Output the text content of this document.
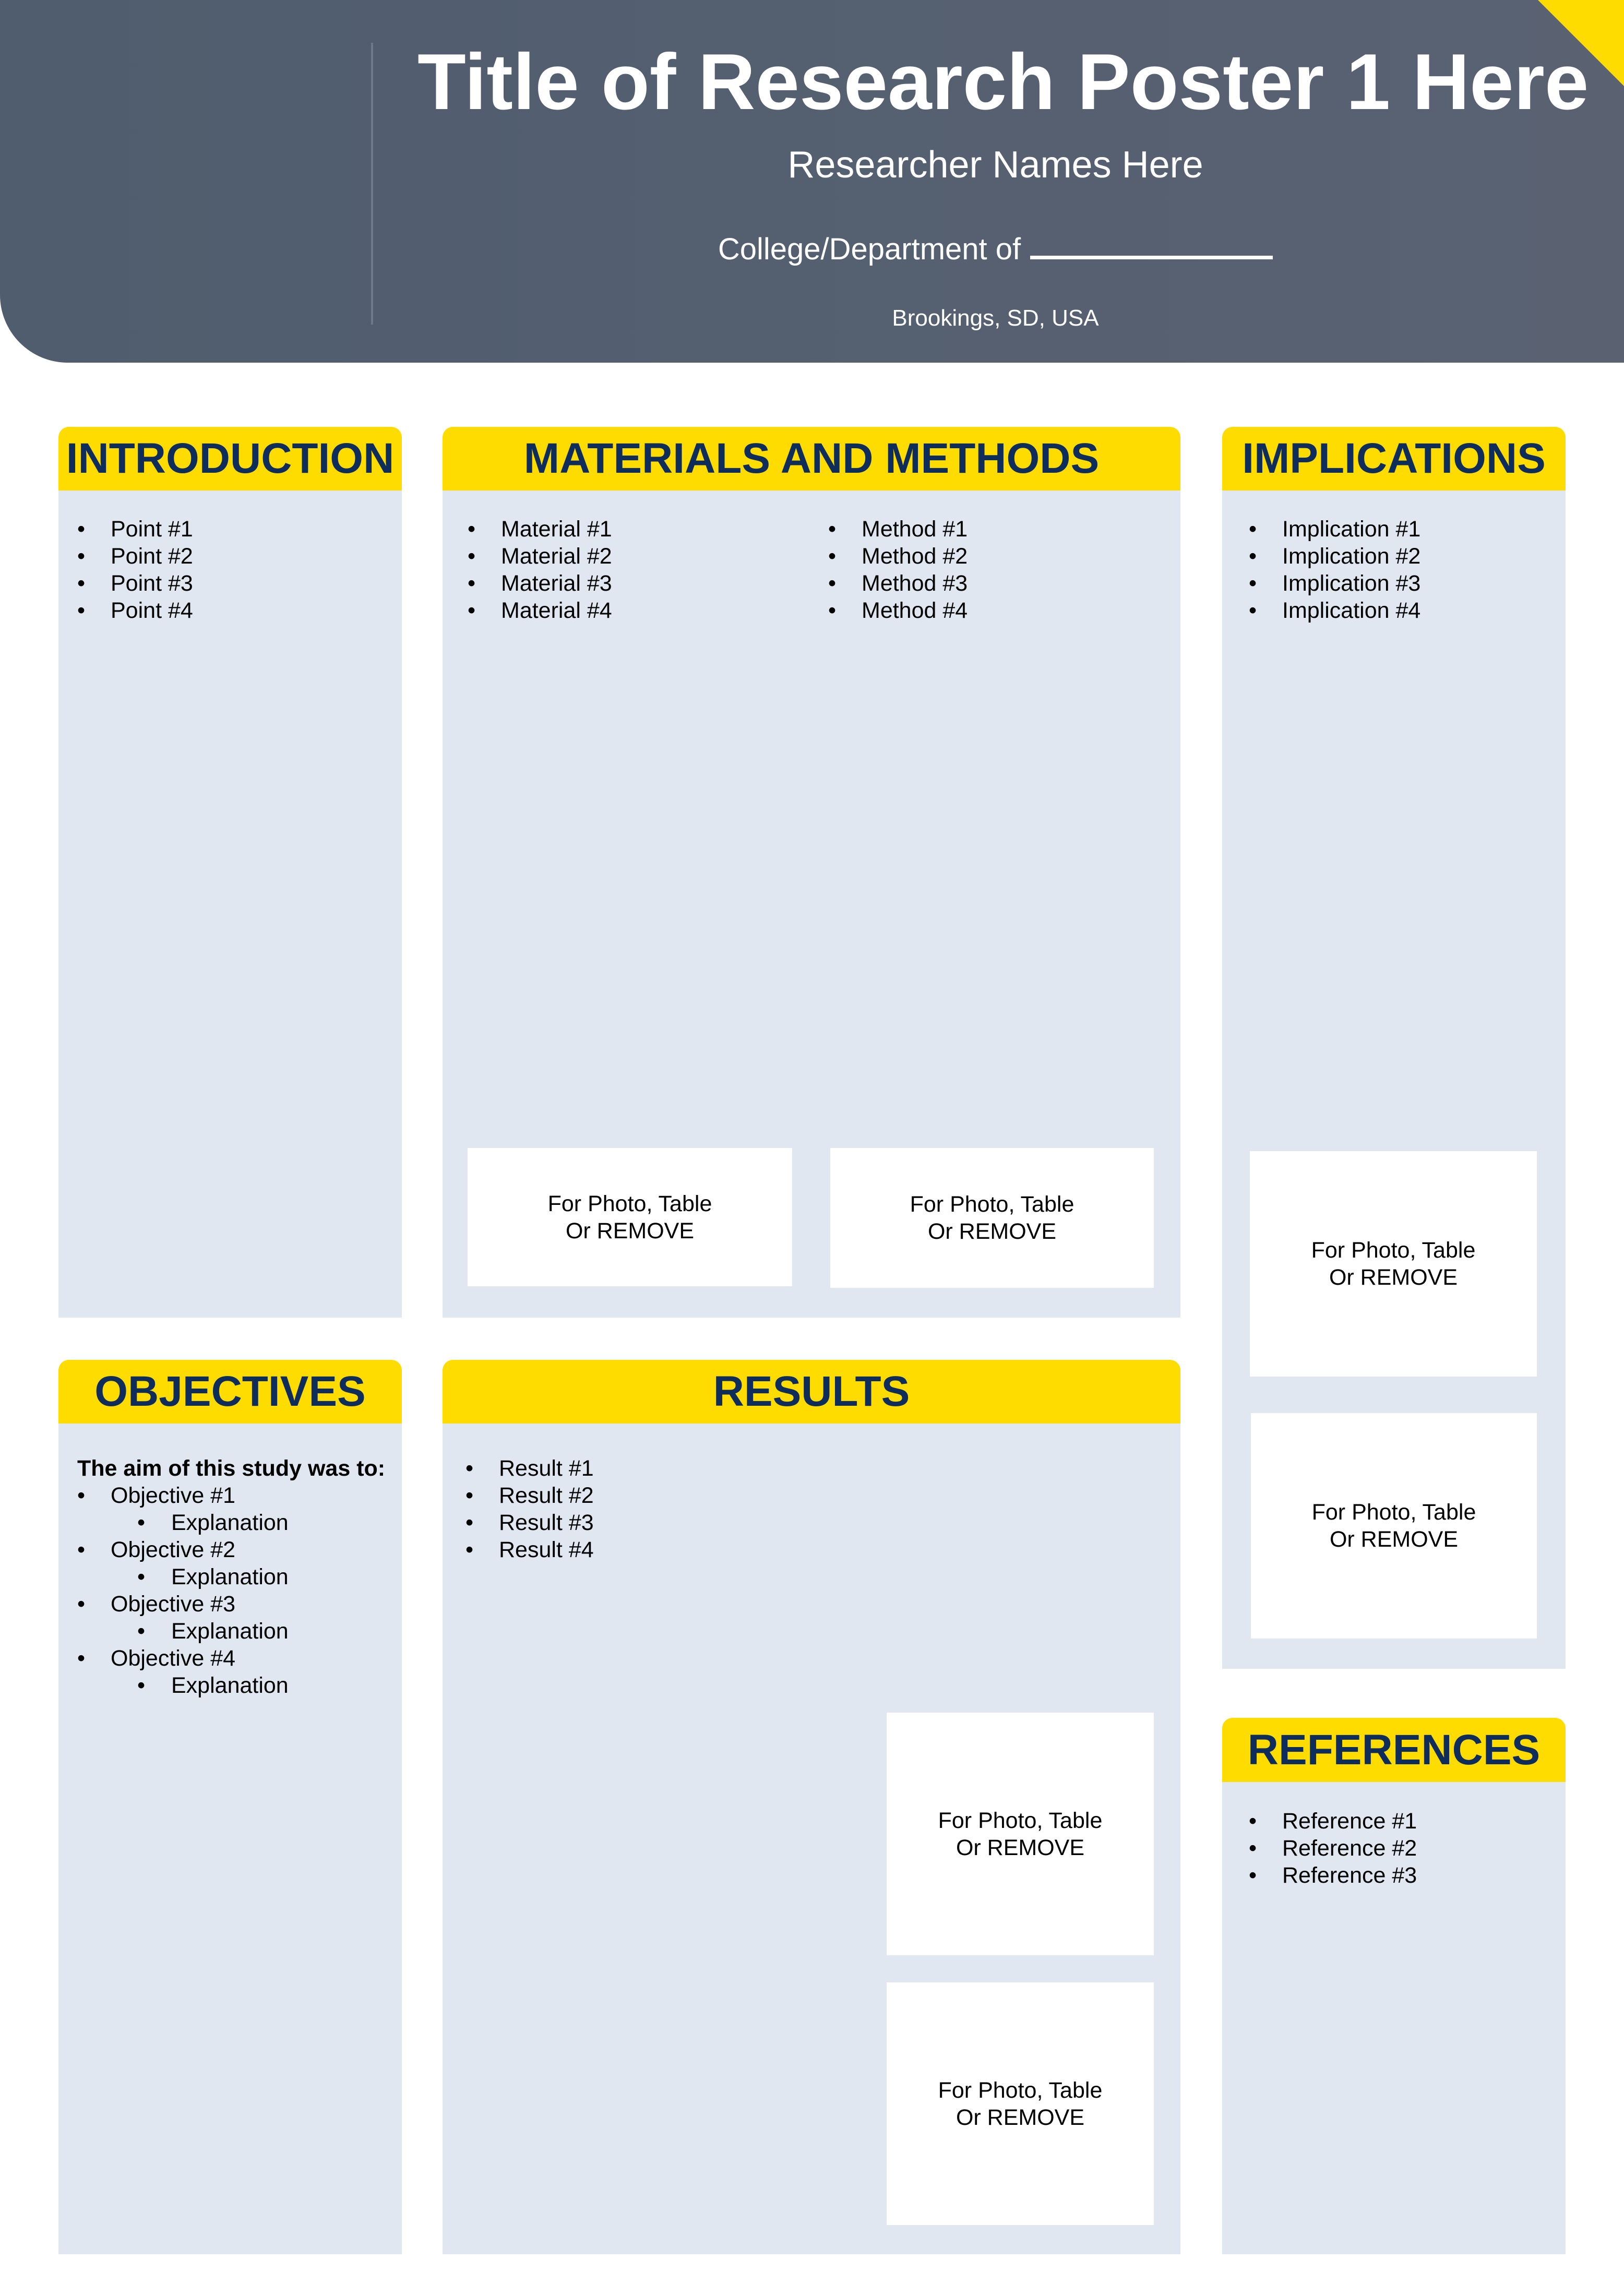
Title of Research Poster 1 Here
Researcher Names Here
College/Department of
Brookings, SD, USA
INTRODUCTION
• Point #1
• Point #2
• Point #3
• Point #4
MATERIALS AND METHODS
• Material #1
• Material #2
• Material #3
• Material #4
• Method #1
• Method #2
• Method #3
• Method #4
For Photo, Table
Or REMOVE
For Photo, Table
Or REMOVE
IMPLICATIONS
• Implication #1
• Implication #2
• Implication #3
• Implication #4
For Photo, Table
Or REMOVE
For Photo, Table
Or REMOVE
OBJECTIVES
The aim of this study was to:
• Objective #1
• Explanation
• Objective #2
• Explanation
• Objective #3
• Explanation
• Objective #4
• Explanation
RESULTS
• Result #1
• Result #2
• Result #3
• Result #4
For Photo, Table
Or REMOVE
For Photo, Table
Or REMOVE
REFERENCES
• Reference #1
• Reference #2
• Reference #3
